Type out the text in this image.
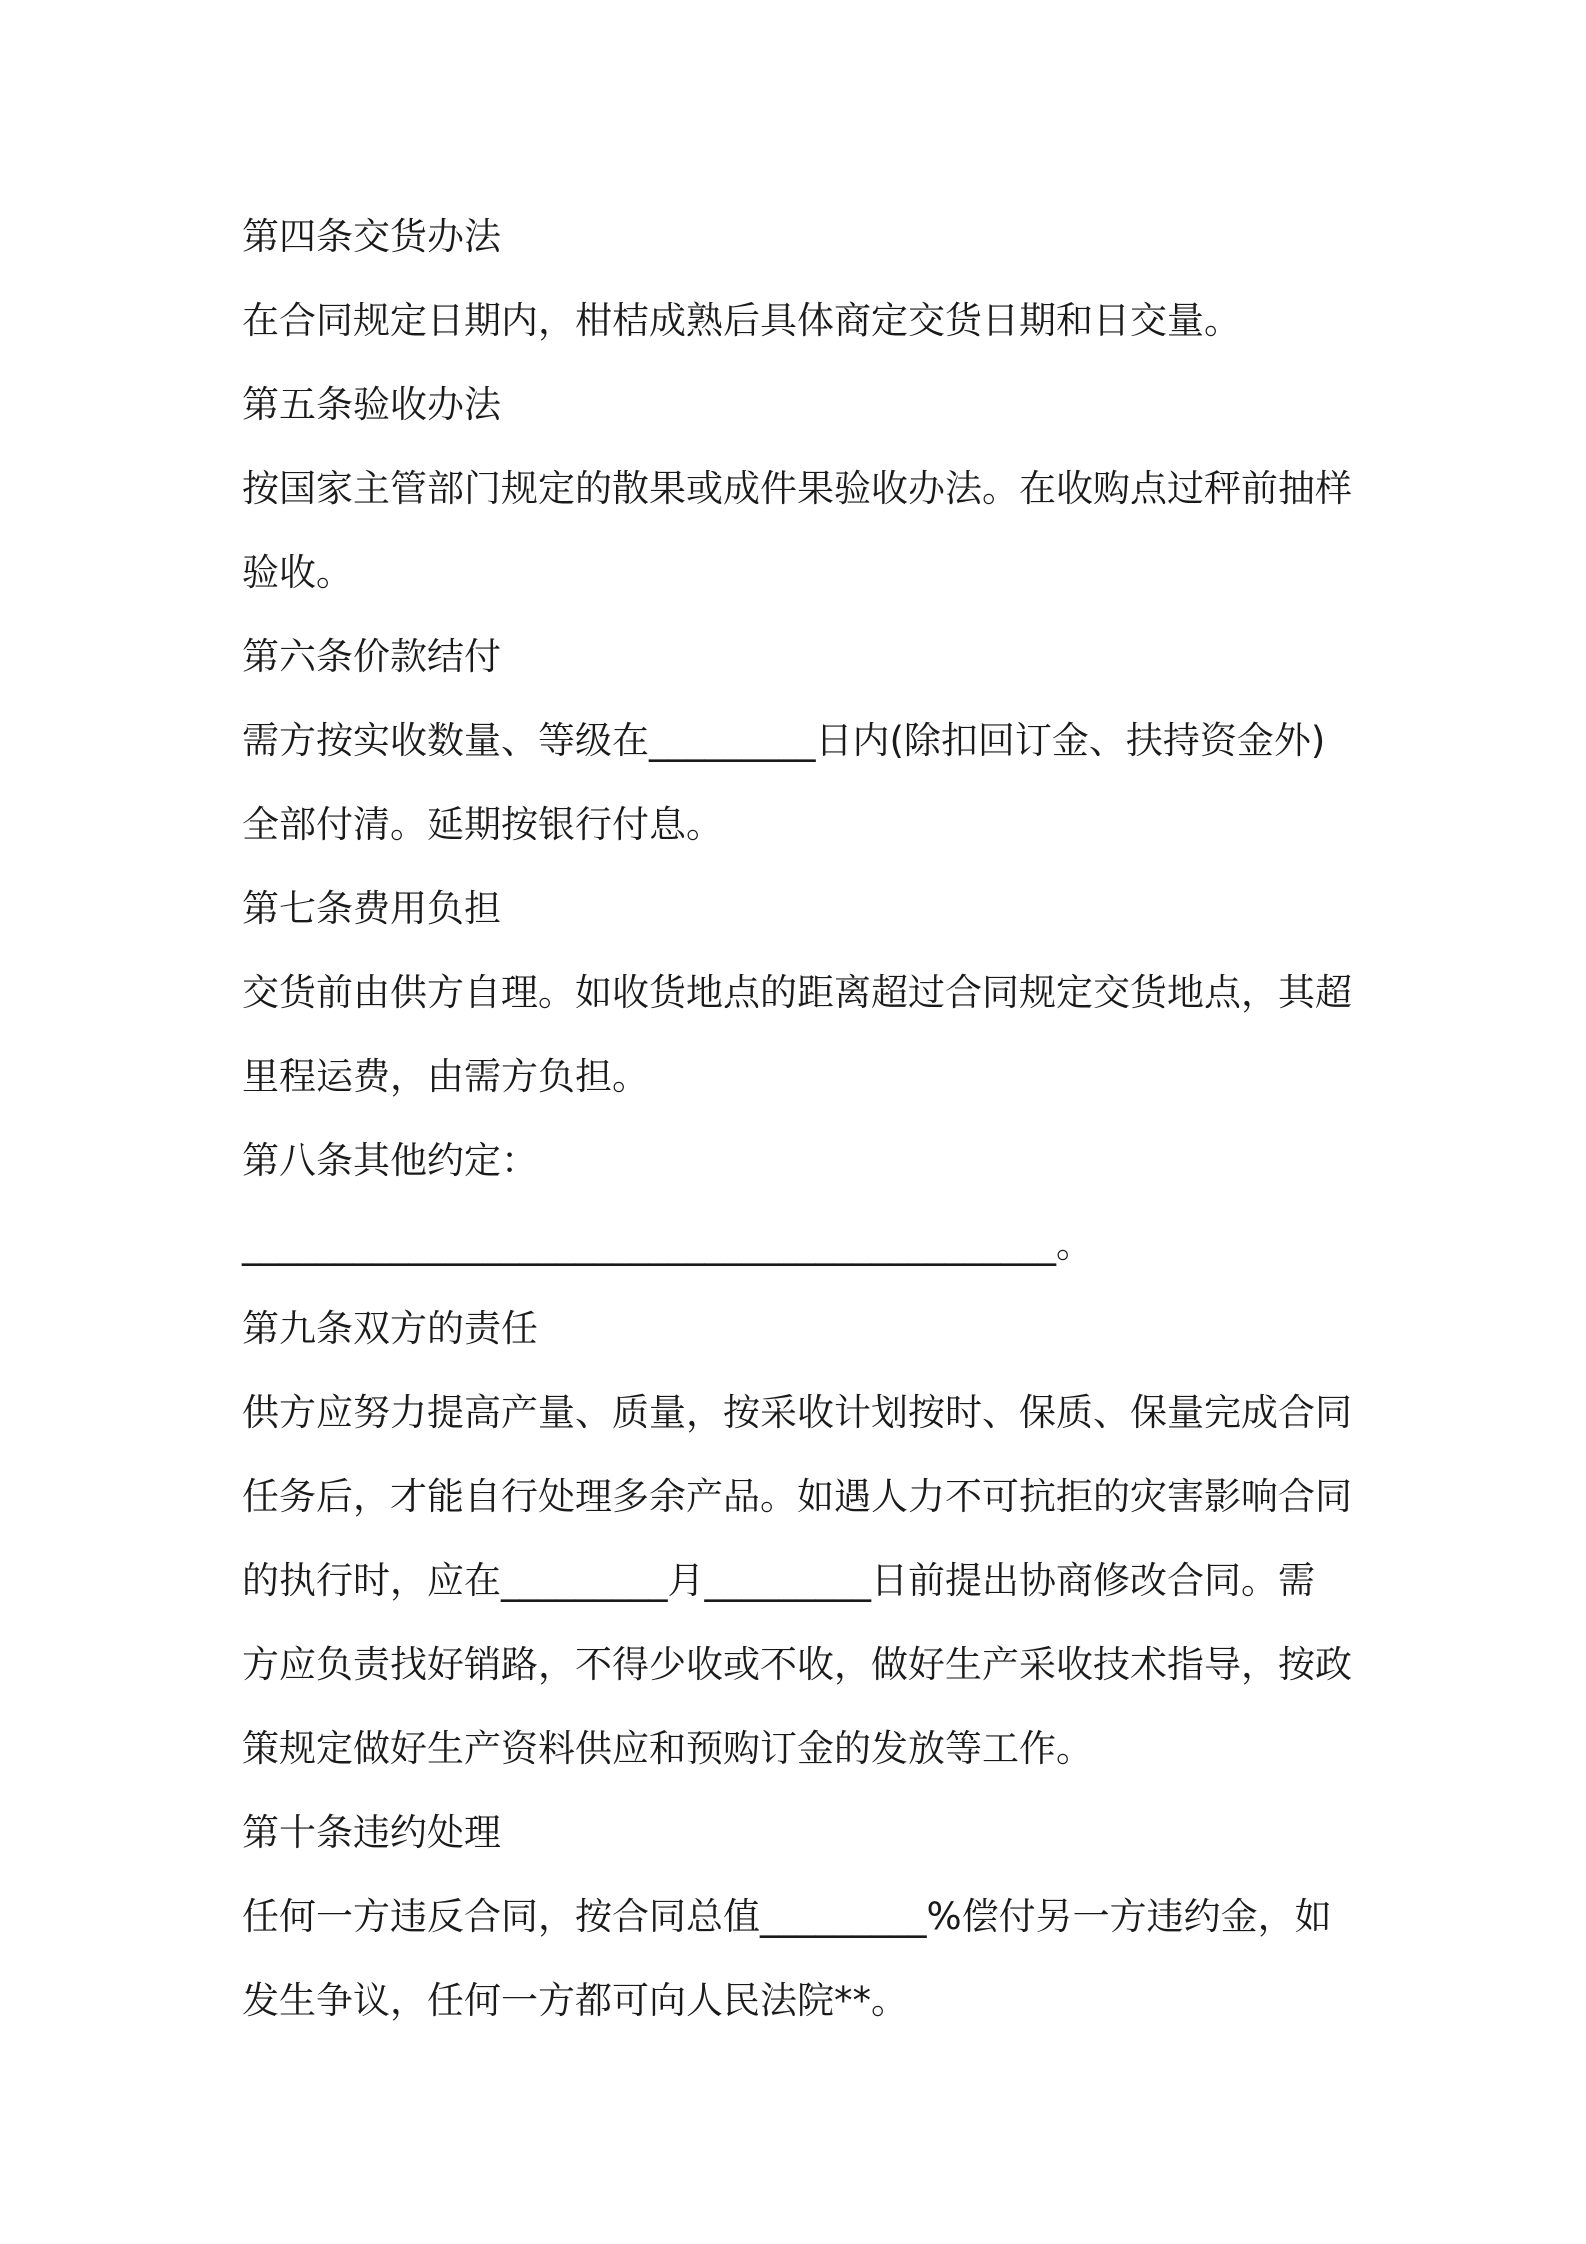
第四条交货办法
在合同规定日期内，柑桔成熟后具体商定交货日期和日交量。
第五条验收办法
按国家主管部门规定的散果或成件果验收办法。在收购点过秤前抽样
验收。
第六条价款结付
需方按实收数量、等级在_________日内(除扣回订金、扶持资金外)
全部付清。延期按银行付息。
第七条费用负担
交货前由供方自理。如收货地点的距离超过合同规定交货地点，其超
里程运费，由需方负担。
第八条其他约定：
____________________________________________。
第九条双方的责任
供方应努力提高产量、质量，按采收计划按时、保质、保量完成合同
任务后，才能自行处理多余产品。如遇人力不可抗拒的灾害影响合同
的执行时，应在_________月_________日前提出协商修改合同。需
方应负责找好销路，不得少收或不收，做好生产采收技术指导，按政
策规定做好生产资料供应和预购订金的发放等工作。
第十条违约处理
任何一方违反合同，按合同总值_________%偿付另一方违约金，如
发生争议，任何一方都可向人民法院**。
